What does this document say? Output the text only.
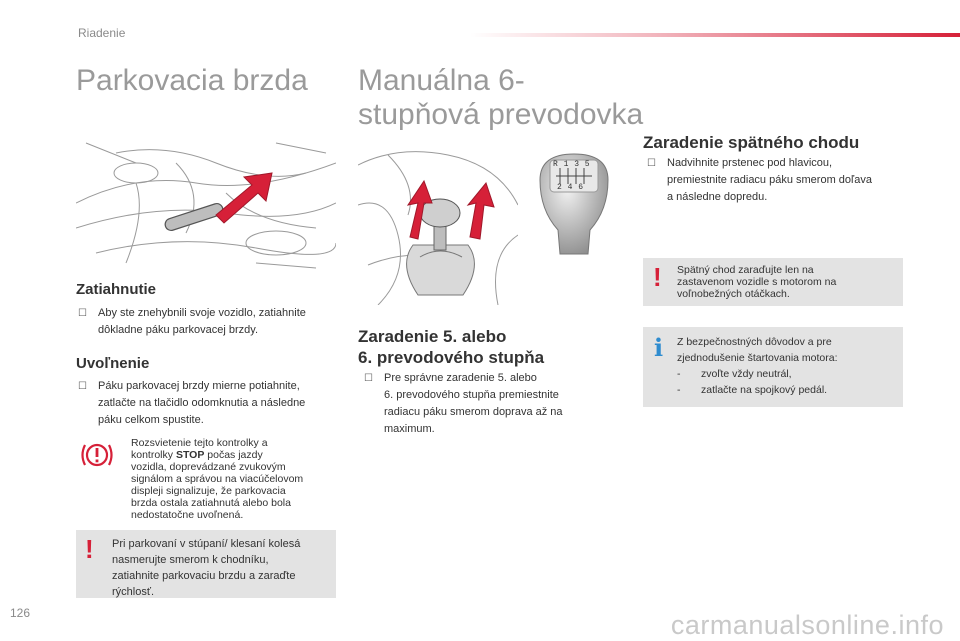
Riadenie
Parkovacia brzda
Zatiahnutie
☐ Aby ste znehybnili svoje vozidlo, zatiahnite
dôkladne páku parkovacej brzdy.
Uvoľnenie
☐ Páku parkovacej brzdy mierne potiahnite,
zatlačte na tlačidlo odomknutia a následne
páku celkom spustite.
Rozsvietenie tejto kontrolky a
kontrolky STOP počas jazdy
vozidla, doprevádzané zvukovým
signálom a správou na viacúčelovom
displeji signalizuje, že parkovacia
brzda ostala zatiahnutá alebo bola
nedostatočne uvoľnená.
! Pri parkovaní v stúpaní/ klesaní kolesá
nasmerujte smerom k chodníku,
zatiahnite parkovaciu brzdu a zaraďte
rýchlosť.
Manuálna 6-
stupňová prevodovka
R 1 3 5
2 4 6
Zaradenie 5. alebo
6. prevodového stupňa
☐ Pre správne zaradenie 5. alebo
6. prevodového stupňa premiestnite
radiacu páku smerom doprava až na
maximum.
Zaradenie spätného chodu
☐ Nadvihnite prstenec pod hlavicou,
premiestnite radiacu páku smerom doľava
a následne dopredu.
! Spätný chod zaraďujte len na
zastavenom vozidle s motorom na
voľnobežných otáčkach.
i Z bezpečnostných dôvodov a pre
zjednodušenie štartovania motora:
- zvoľte vždy neutrál,
- zatlačte na spojkový pedál.
126	carmanualsonline.info
